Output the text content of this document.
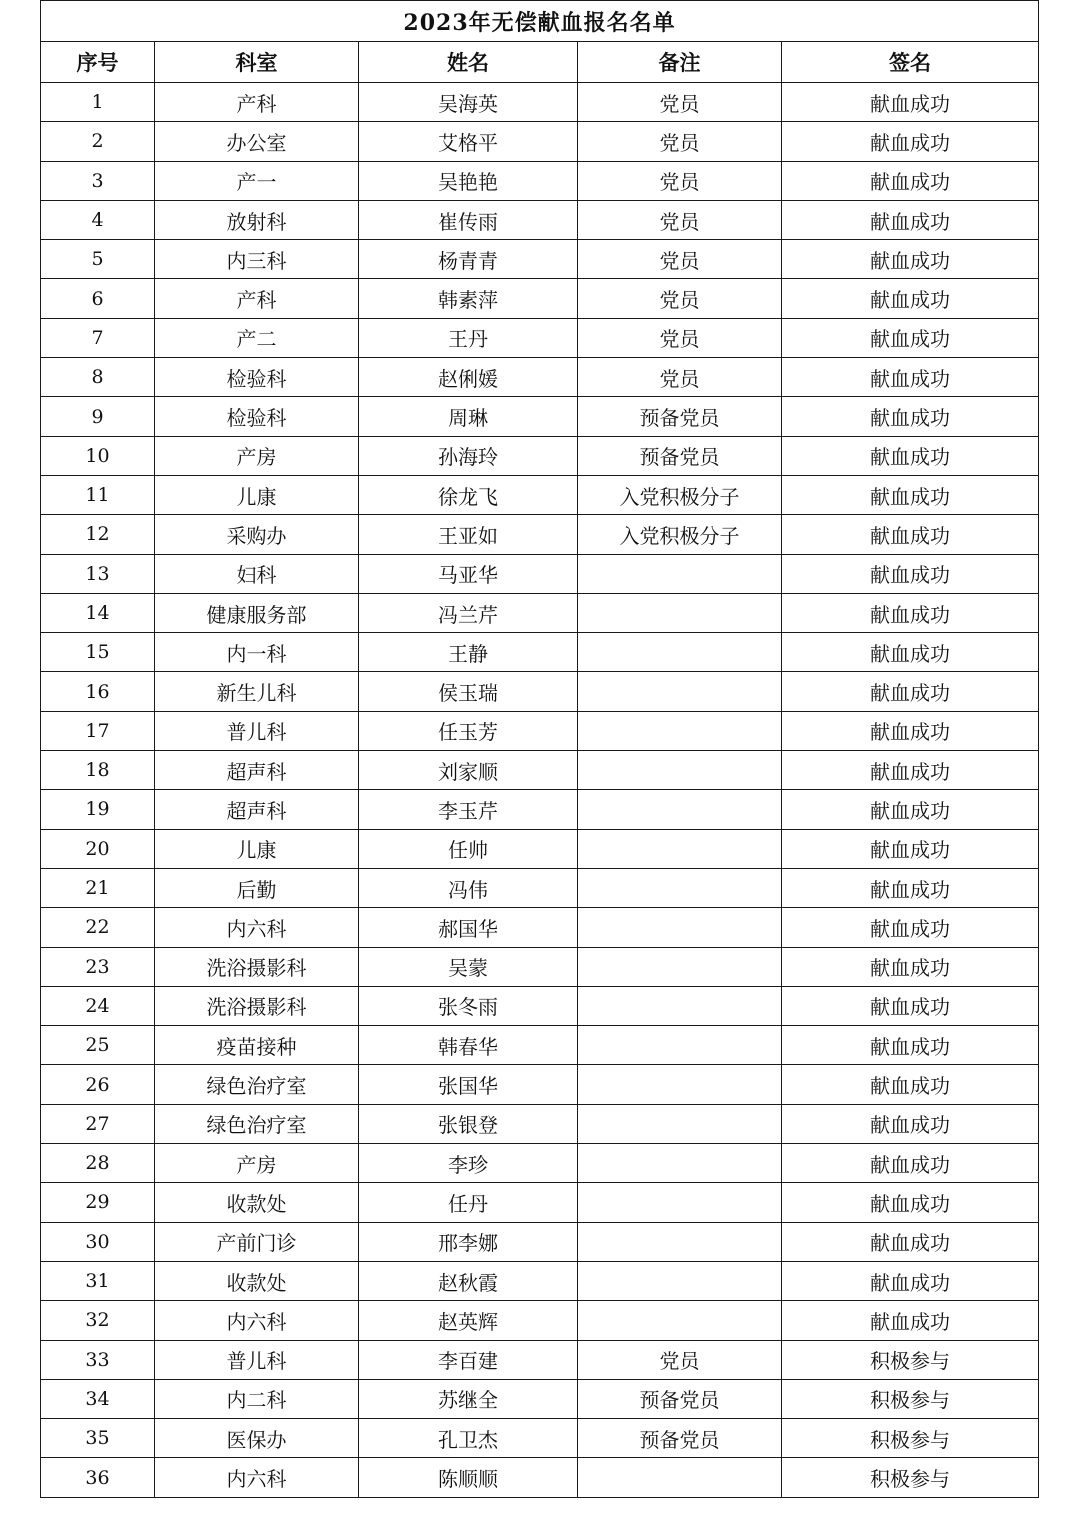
2023年无偿献血报名名单				
序号	科室	姓名	备注	签名
1	产科	吴海英	党员	献血成功
2	办公室	艾格平	党员	献血成功
3	产一	吴艳艳	党员	献血成功
4	放射科	崔传雨	党员	献血成功
5	内三科	杨青青	党员	献血成功
6	产科	韩素萍	党员	献血成功
7	产二	王丹	党员	献血成功
8	检验科	赵俐媛	党员	献血成功
9	检验科	周琳	预备党员	献血成功
10	产房	孙海玲	预备党员	献血成功
11	儿康	徐龙飞	入党积极分子	献血成功
12	采购办	王亚如	入党积极分子	献血成功
13	妇科	马亚华		献血成功
14	健康服务部	冯兰芹		献血成功
15	内一科	王静		献血成功
16	新生儿科	侯玉瑞		献血成功
17	普儿科	任玉芳		献血成功
18	超声科	刘家顺		献血成功
19	超声科	李玉芹		献血成功
20	儿康	任帅		献血成功
21	后勤	冯伟		献血成功
22	内六科	郝国华		献血成功
23	洗浴摄影科	吴蒙		献血成功
24	洗浴摄影科	张冬雨		献血成功
25	疫苗接种	韩春华		献血成功
26	绿色治疗室	张国华		献血成功
27	绿色治疗室	张银登		献血成功
28	产房	李珍		献血成功
29	收款处	任丹		献血成功
30	产前门诊	邢李娜		献血成功
31	收款处	赵秋霞		献血成功
32	内六科	赵英辉		献血成功
33	普儿科	李百建	党员	积极参与
34	内二科	苏继全	预备党员	积极参与
35	医保办	孔卫杰	预备党员	积极参与
36	内六科	陈顺顺		积极参与
